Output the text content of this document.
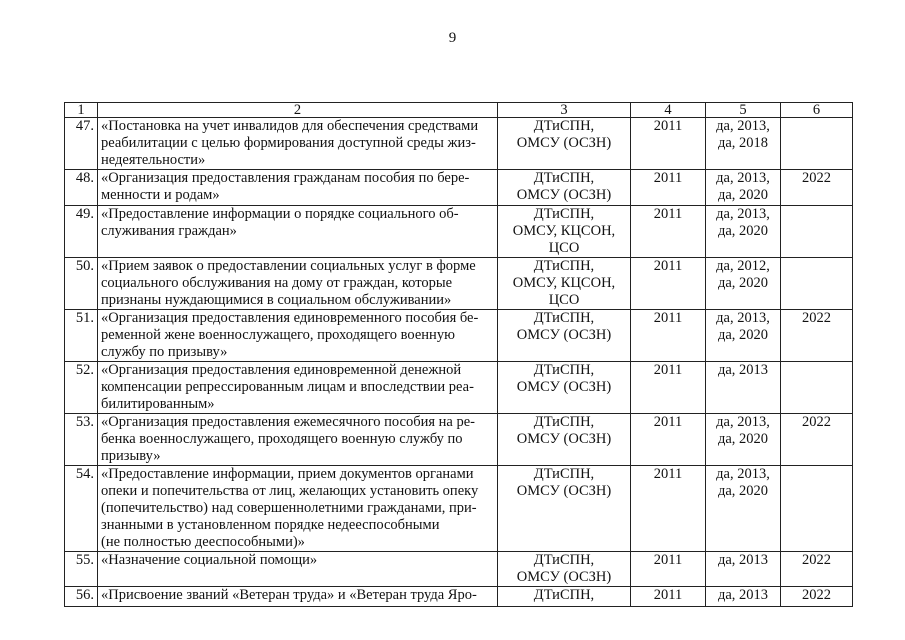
9
1	2	3	4	5	6
47.	«Постановка на учет инвалидов для обеспечения средствами
реабилитации с целью формирования доступной среды жиз-
недеятельности»	ДТиСПН,
ОМСУ (ОСЗН)	2011	да, 2013,
да, 2018	

48.	«Организация предоставления гражданам пособия по бере-
менности и родам»	ДТиСПН,
ОМСУ (ОСЗН)	2011	да, 2013,
да, 2020	2022
49.	«Предоставление информации о порядке социального об-
служивания граждан»	ДТиСПН,
ОМСУ, КЦСОН,
ЦСО	2011	да, 2013,
да, 2020	

50.	«Прием заявок о предоставлении социальных услуг в форме
социального обслуживания на дому от граждан, которые
признаны нуждающимися в социальном обслуживании»	ДТиСПН,
ОМСУ, КЦСОН,
ЦСО	2011	да, 2012,
да, 2020	

51.	«Организация предоставления единовременного пособия бе-
ременной жене военнослужащего, проходящего военную
службу по призыву»	ДТиСПН,
ОМСУ (ОСЗН)	2011	да, 2013,
да, 2020	2022
52.	«Организация предоставления единовременной денежной
компенсации репрессированным лицам и впоследствии реа-
билитированным»	ДТиСПН,
ОМСУ (ОСЗН)	2011	да, 2013	

53.	«Организация предоставления ежемесячного пособия на ре-
бенка военнослужащего, проходящего военную службу по
призыву»	ДТиСПН,
ОМСУ (ОСЗН)	2011	да, 2013,
да, 2020	2022
54.	«Предоставление информации, прием документов органами
опеки и попечительства от лиц, желающих установить опеку
(попечительство) над совершеннолетними гражданами, при-
знанными в установленном порядке недееспособными
(не полностью дееспособными)»	ДТиСПН,
ОМСУ (ОСЗН)	2011	да, 2013,
да, 2020	

55.	«Назначение социальной помощи»	ДТиСПН,
ОМСУ (ОСЗН)	2011	да, 2013	2022
56.	«Присвоение званий «Ветеран труда» и «Ветеран труда Яро-	ДТиСПН,	2011	да, 2013	2022
